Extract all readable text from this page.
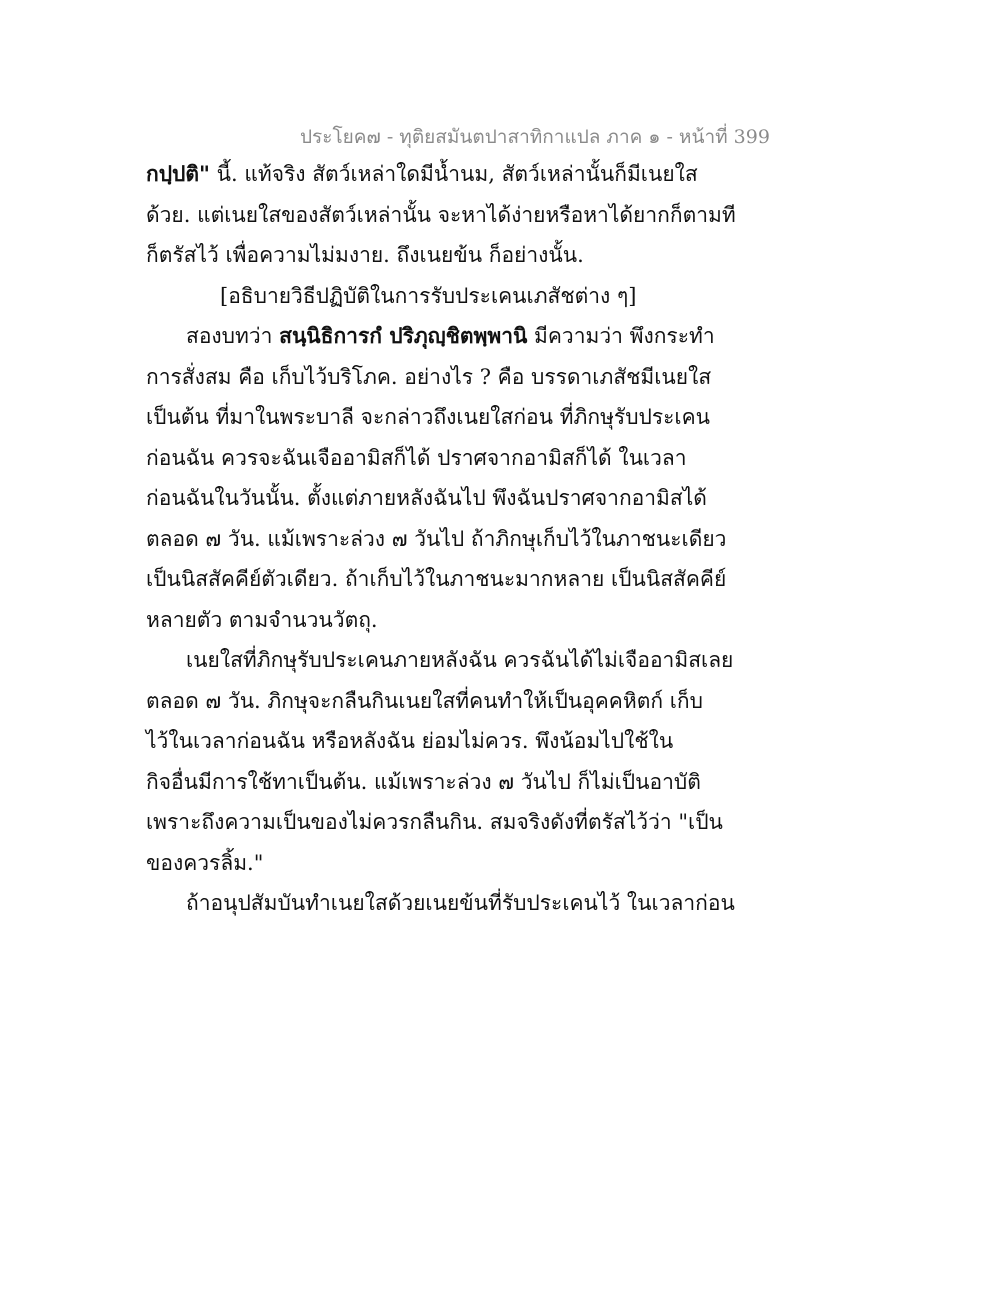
ประโยค๗ - ทุติยสมันตปาสาทิกาแปล ภาค ๑ - หน้าที่ 399
กปฺปติ" นี้. แท้จริง สัตว์เหล่าใดมีน้ำนม, สัตว์เหล่านั้นก็มีเนยใส
ด้วย. แต่เนยใสของสัตว์เหล่านั้น จะหาได้ง่ายหรือหาได้ยากก็ตามที
ก็ตรัสไว้ เพื่อความไม่มงาย. ถึงเนยข้น ก็อย่างนั้น.
[อธิบายวิธีปฏิบัติในการรับประเคนเภสัชต่าง ๆ]
สองบทว่า สนฺนิธิการกํ ปริภุญฺชิตพฺพานิ มีความว่า พึงกระทำ
การสั่งสม คือ เก็บไว้บริโภค. อย่างไร ? คือ บรรดาเภสัชมีเนยใส
เป็นต้น ที่มาในพระบาลี จะกล่าวถึงเนยใสก่อน ที่ภิกษุรับประเคน
ก่อนฉัน ควรจะฉันเจืออามิสก็ได้ ปราศจากอามิสก็ได้ ในเวลา
ก่อนฉันในวันนั้น. ตั้งแต่ภายหลังฉันไป พึงฉันปราศจากอามิสได้
ตลอด ๗ วัน. แม้เพราะล่วง ๗ วันไป ถ้าภิกษุเก็บไว้ในภาชนะเดียว
เป็นนิสสัคคีย์ตัวเดียว. ถ้าเก็บไว้ในภาชนะมากหลาย เป็นนิสสัคคีย์
หลายตัว ตามจำนวนวัตถุ.
เนยใสที่ภิกษุรับประเคนภายหลังฉัน ควรฉันได้ไม่เจืออามิสเลย
ตลอด ๗ วัน. ภิกษุจะกลืนกินเนยใสที่คนทำให้เป็นอุคคหิตก์ เก็บ
ไว้ในเวลาก่อนฉัน หรือหลังฉัน ย่อมไม่ควร. พึงน้อมไปใช้ใน
กิจอื่นมีการใช้ทาเป็นต้น. แม้เพราะล่วง ๗ วันไป ก็ไม่เป็นอาบัติ
เพราะถึงความเป็นของไม่ควรกลืนกิน. สมจริงดังที่ตรัสไว้ว่า "เป็น
ของควรลิ้ม."
ถ้าอนุปสัมบันทำเนยใสด้วยเนยข้นที่รับประเคนไว้ ในเวลาก่อน
